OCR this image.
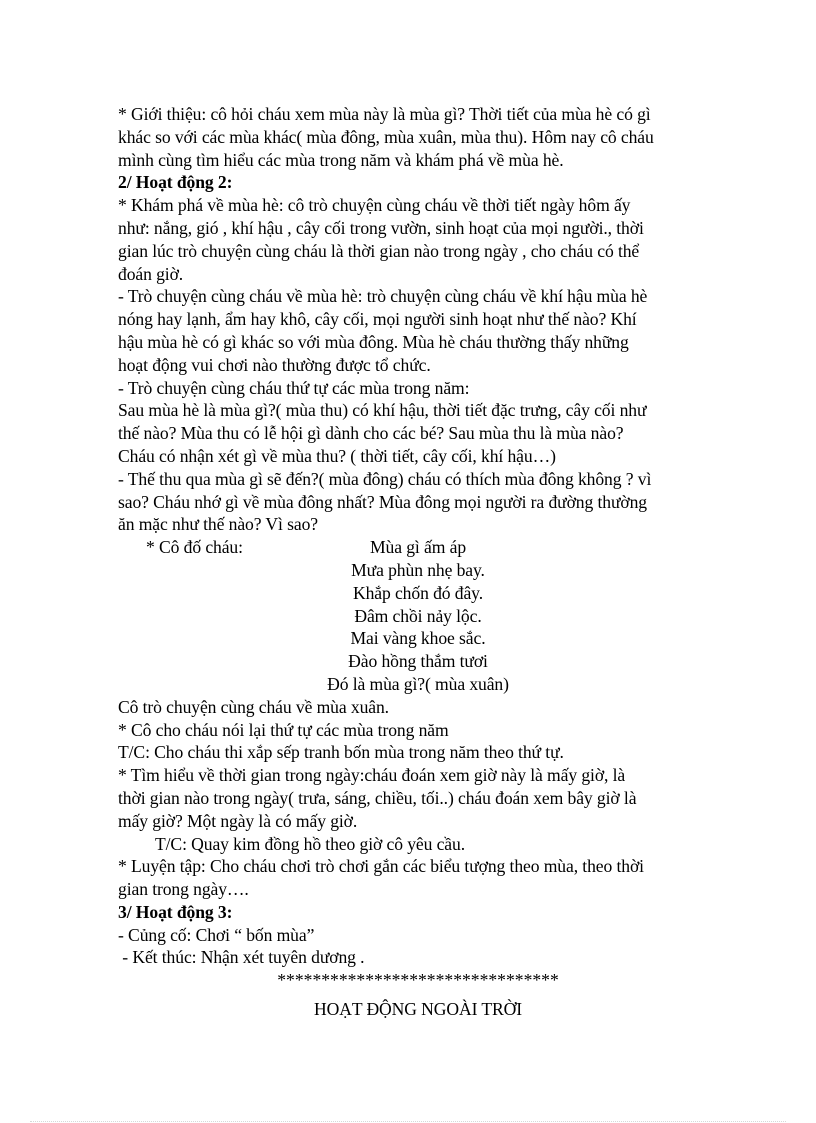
* Giới thiệu: cô hỏi cháu xem mùa này là mùa gì? Thời tiết của mùa hè có gì
khác so với các mùa khác( mùa đông, mùa xuân, mùa thu). Hôm nay cô cháu
mình cùng tìm hiểu các mùa trong năm và khám phá về mùa hè.
2/ Hoạt động 2:
* Khám phá về mùa hè: cô trò chuyện cùng cháu về thời tiết ngày hôm ấy
như: nắng, gió , khí hậu , cây cối trong vườn, sinh hoạt của mọi người., thời
gian lúc trò chuyện cùng cháu là thời gian nào trong ngày , cho cháu có thể
đoán giờ.
- Trò chuyện cùng cháu về mùa hè: trò chuyện cùng cháu về khí hậu mùa hè
nóng hay lạnh, ẩm hay khô, cây cối, mọi người sinh hoạt như thế nào? Khí
hậu mùa hè có gì khác so với mùa đông. Mùa hè cháu thường thấy những
hoạt động vui chơi nào thường được tổ chức.
- Trò chuyện cùng cháu thứ tự các mùa trong năm:
Sau mùa hè là mùa gì?( mùa thu) có khí hậu, thời tiết đặc trưng, cây cối như
thế nào? Mùa thu có lễ hội gì dành cho các bé? Sau mùa thu là mùa nào?
Cháu có nhận xét gì về mùa thu? ( thời tiết, cây cối, khí hậu…)
- Thế thu qua mùa gì sẽ đến?( mùa đông) cháu có thích mùa đông không ? vì
sao? Cháu nhớ gì về mùa đông nhất? Mùa đông mọi người ra đường thường
ăn mặc như thế nào? Vì sao?
* Cô đố cháu:	Mùa gì ấm áp
Mưa phùn nhẹ bay.
Khắp chốn đó đây.
Đâm chồi nảy lộc.
Mai vàng khoe sắc.
Đào hồng thắm tươi
Đó là mùa gì?( mùa xuân)
Cô trò chuyện cùng cháu về mùa xuân.
* Cô cho cháu nói lại thứ tự các mùa trong năm
T/C: Cho cháu thi xắp sếp tranh bốn mùa trong năm theo thứ tự.
* Tìm hiểu về thời gian trong ngày:cháu đoán xem giờ này là mấy giờ, là
thời gian nào trong ngày( trưa, sáng, chiều, tối..) cháu đoán xem bây giờ là
mấy giờ? Một ngày là có mấy giờ.
T/C: Quay kim đồng hồ theo giờ cô yêu cầu.
* Luyện tập: Cho cháu chơi trò chơi gắn các biểu tượng theo mùa, theo thời
gian trong ngày….
3/ Hoạt động 3:
- Củng cố: Chơi “ bốn mùa”
- Kết thúc: Nhận xét tuyên dương .
********************************
HOẠT ĐỘNG NGOÀI TRỜI
